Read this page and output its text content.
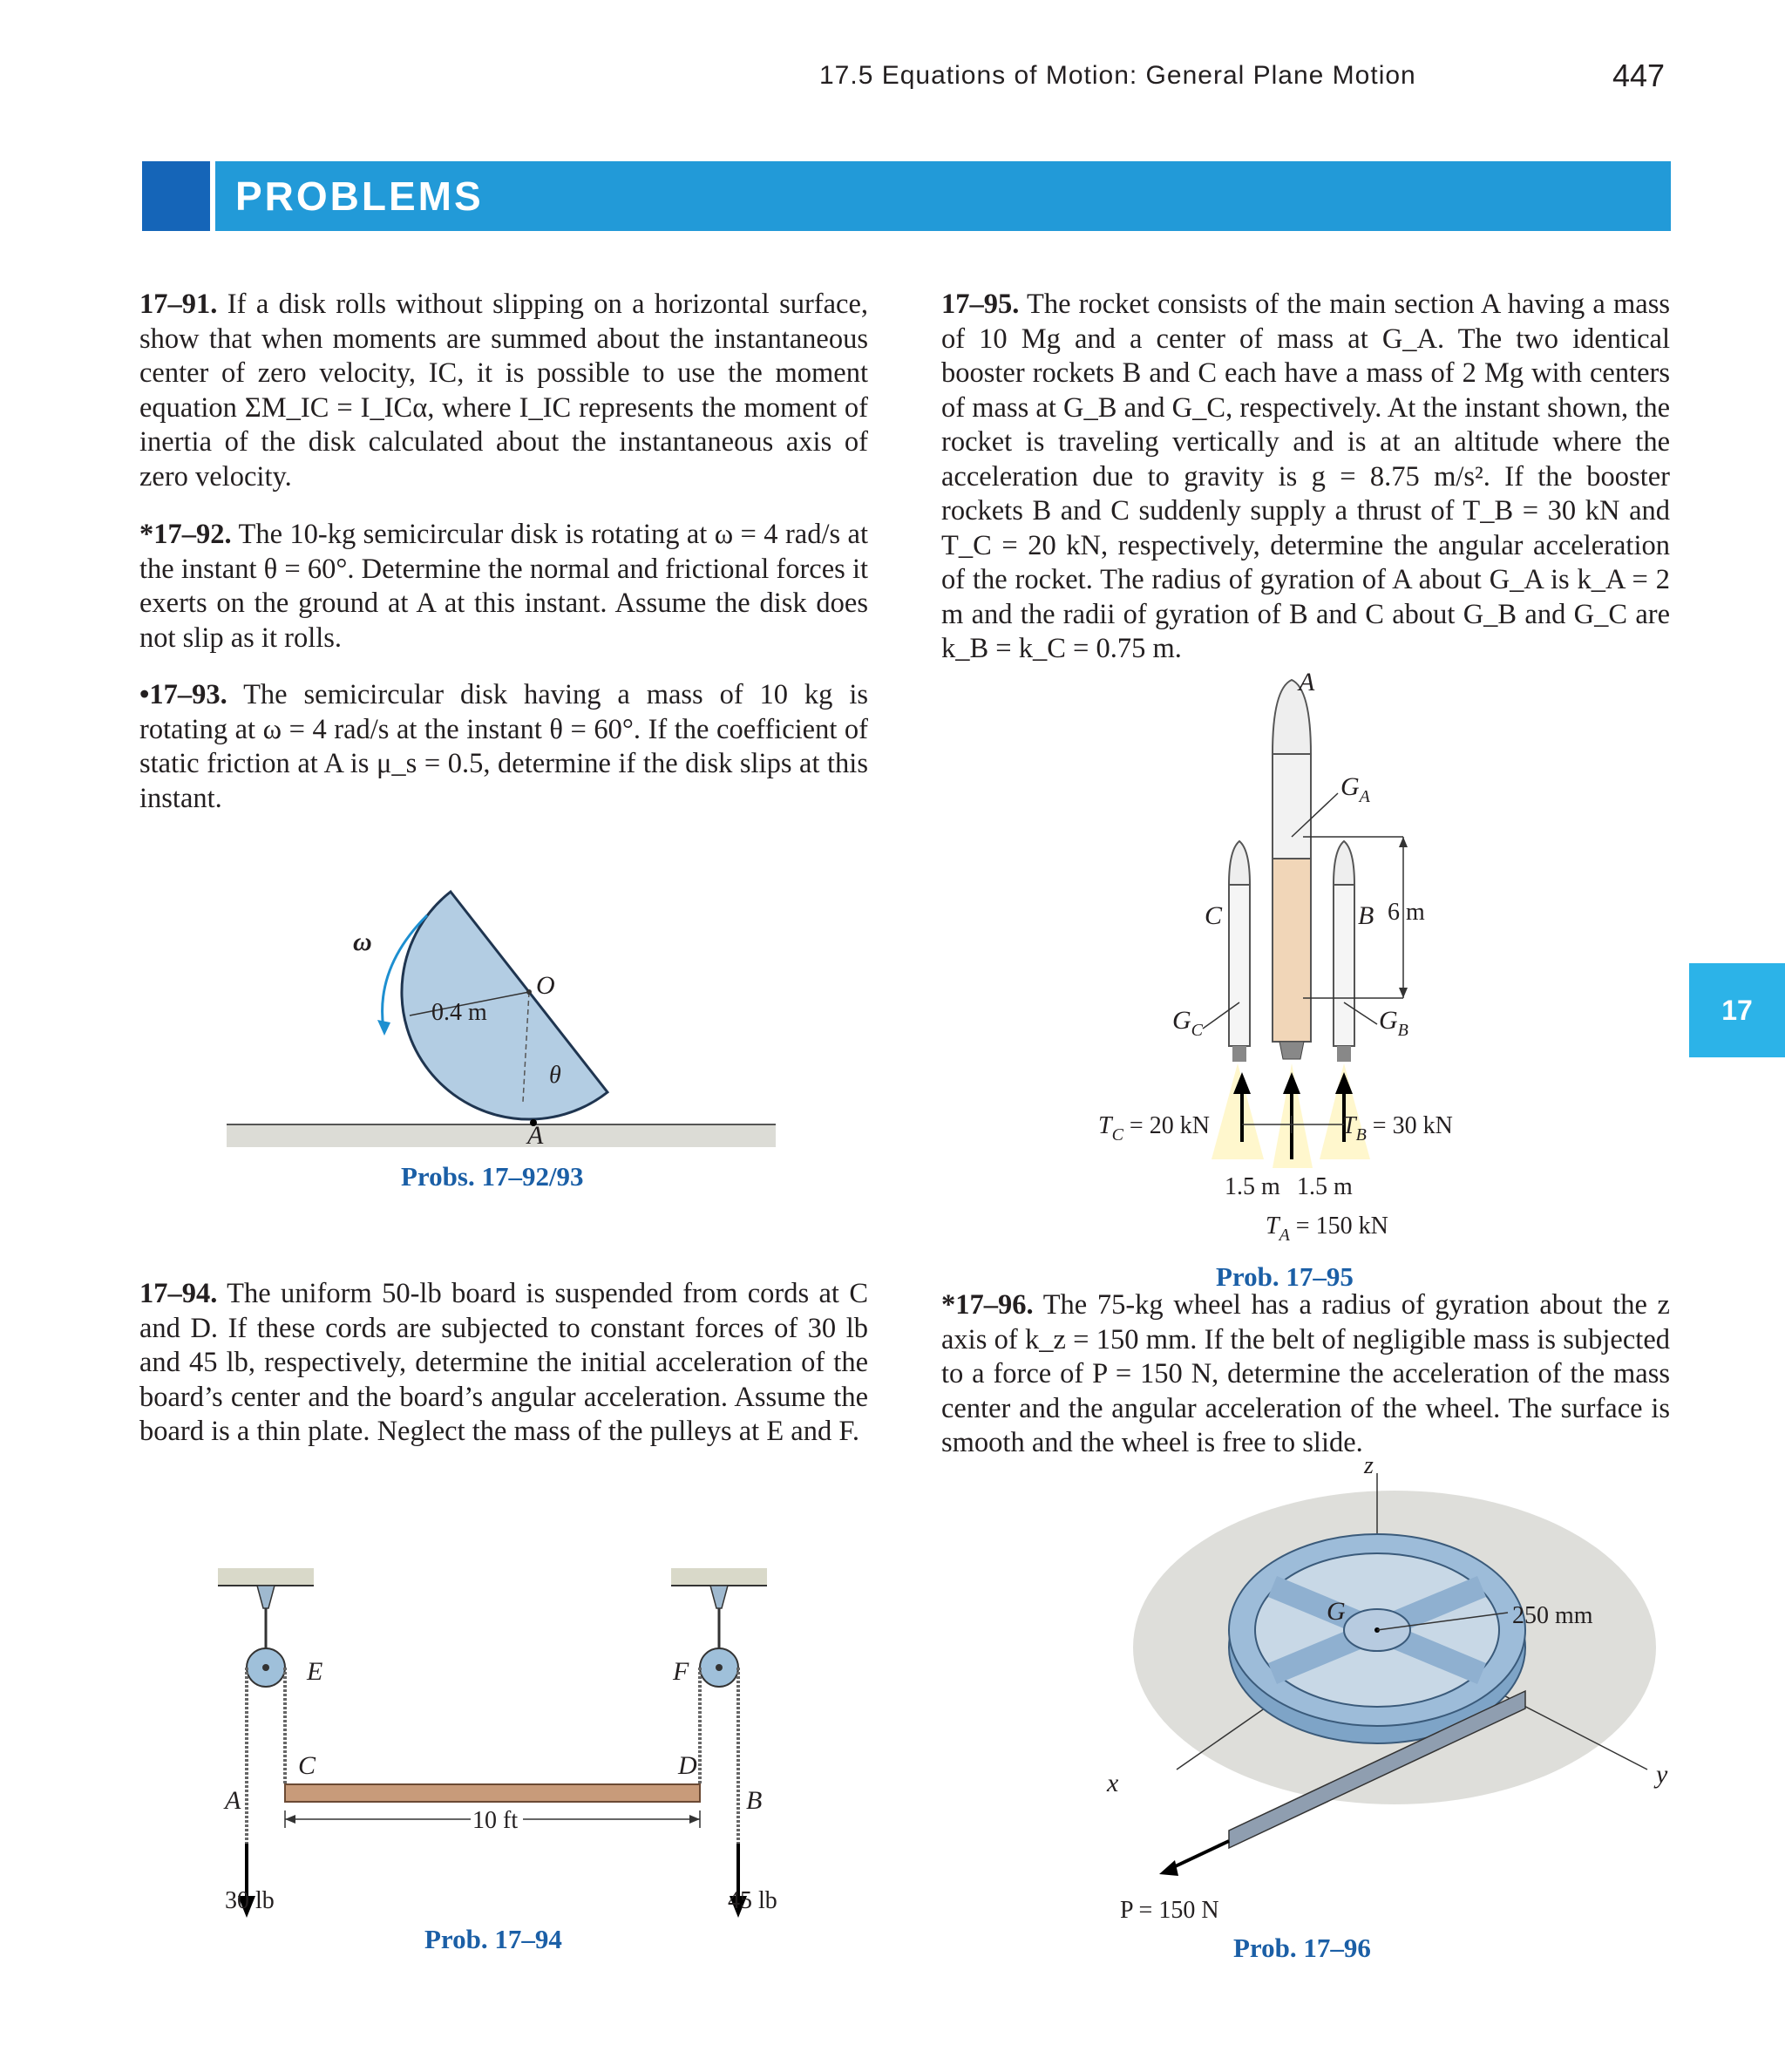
17.5 Equations of Motion: General Plane Motion	447
PROBLEMS
17
17–91. If a disk rolls without slipping on a horizontal surface, show that when moments are summed about the instantaneous center of zero velocity, IC, it is possible to use the moment equation ΣM_IC = I_ICα, where I_IC represents the moment of inertia of the disk calculated about the instantaneous axis of zero velocity.
*17–92. The 10-kg semicircular disk is rotating at ω = 4 rad/s at the instant θ = 60°. Determine the normal and frictional forces it exerts on the ground at A at this instant. Assume the disk does not slip as it rolls.
•17–93. The semicircular disk having a mass of 10 kg is rotating at ω = 4 rad/s at the instant θ = 60°. If the coefficient of static friction at A is μ_s = 0.5, determine if the disk slips at this instant.
17–94. The uniform 50-lb board is suspended from cords at C and D. If these cords are subjected to constant forces of 30 lb and 45 lb, respectively, determine the initial acceleration of the board’s center and the board’s angular acceleration. Assume the board is a thin plate. Neglect the mass of the pulleys at E and F.
17–95. The rocket consists of the main section A having a mass of 10 Mg and a center of mass at G_A. The two identical booster rockets B and C each have a mass of 2 Mg with centers of mass at G_B and G_C, respectively. At the instant shown, the rocket is traveling vertically and is at an altitude where the acceleration due to gravity is g = 8.75 m/s². If the booster rockets B and C suddenly supply a thrust of T_B = 30 kN and T_C = 20 kN, respectively, determine the angular acceleration of the rocket. The radius of gyration of A about G_A is k_A = 2 m and the radii of gyration of B and C about G_B and G_C are k_B = k_C = 0.75 m.
*17–96. The 75-kg wheel has a radius of gyration about the z axis of k_z = 150 mm. If the belt of negligible mass is subjected to a force of P = 150 N, determine the acceleration of the mass center and the angular acceleration of the wheel. The surface is smooth and the wheel is free to slide.
ω
0.4 m
O
θ
A
Probs. 17–92/93
10 ft
E	F
C	D
A	B
30 lb	45 lb
Prob. 17–94
A
$G_A$
C	B 6 m
$G_C$	$G_B$
$T_C = 20$ kN	$T_B = 30$ kN
1.5 m 1.5 m
$T_A = 150$ kN
Prob. 17–95
z
G	250 mm
x	y
P = 150 N
Prob. 17–96
